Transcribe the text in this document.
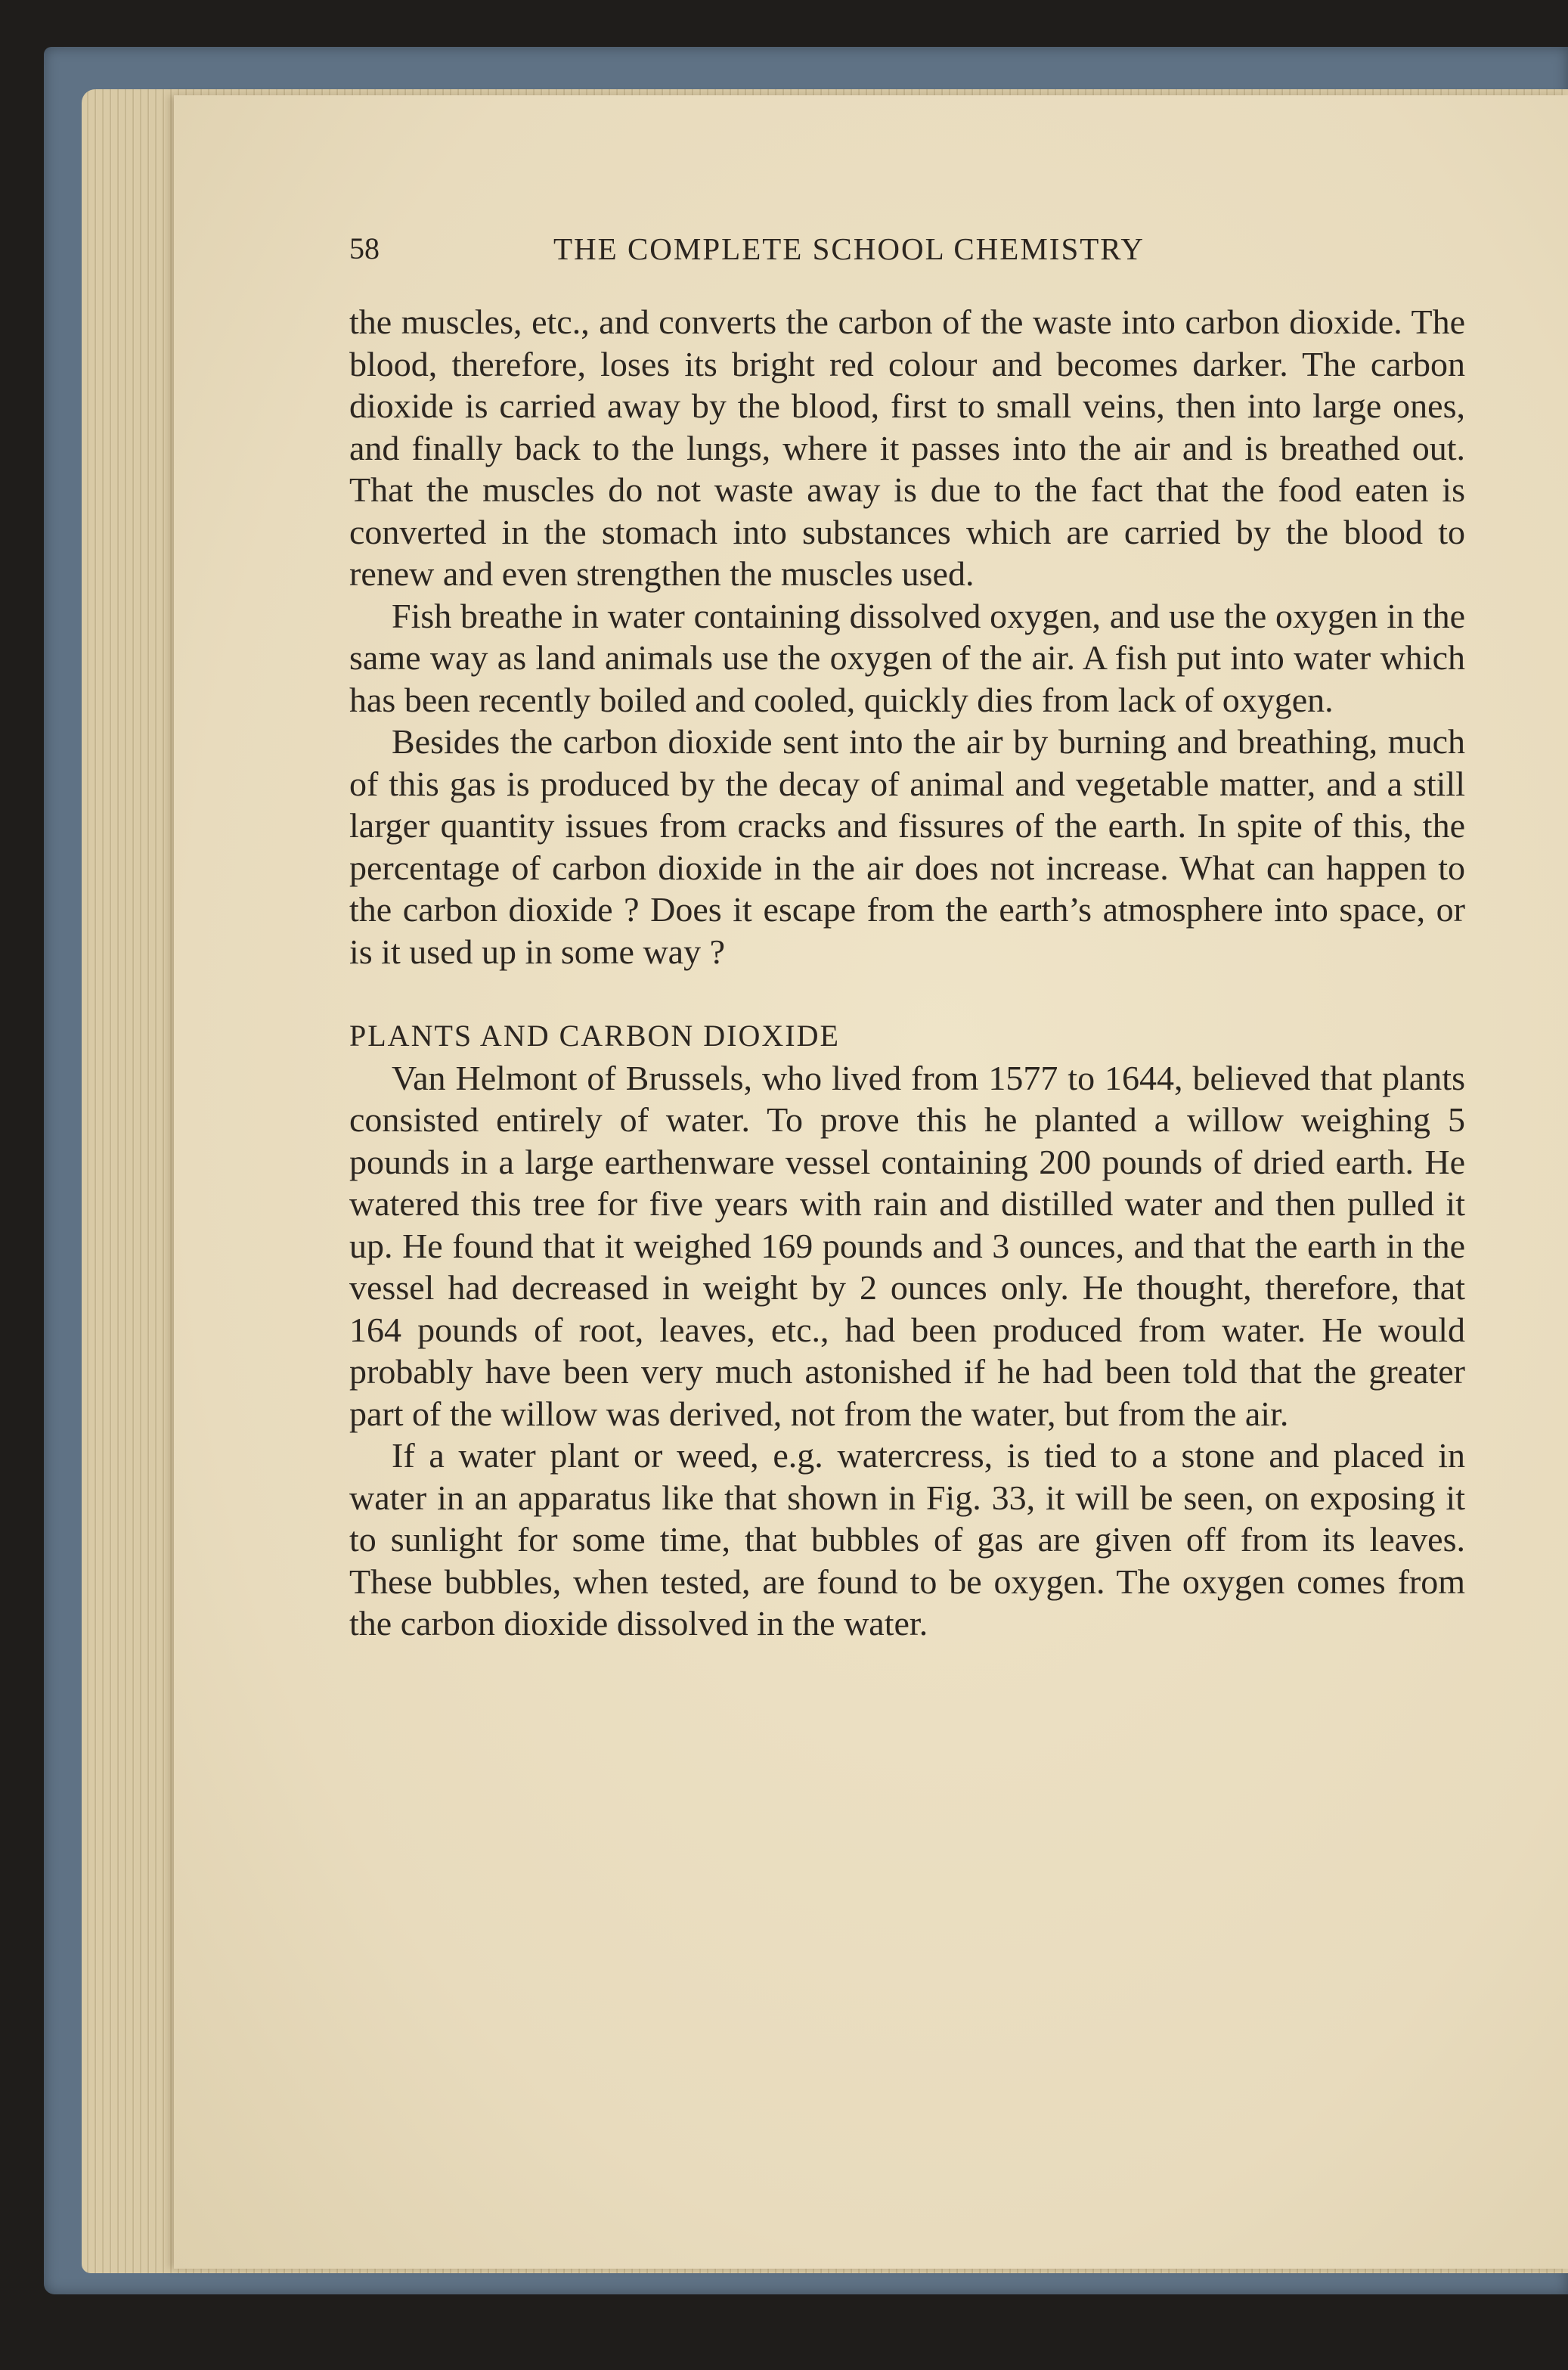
58	THE COMPLETE SCHOOL CHEMISTRY

the muscles, etc., and converts the carbon of the waste into carbon dioxide. The blood, therefore, loses its bright red colour and becomes darker. The carbon dioxide is carried away by the blood, first to small veins, then into large ones, and finally back to the lungs, where it passes into the air and is breathed out. That the muscles do not waste away is due to the fact that the food eaten is converted in the stomach into substances which are carried by the blood to renew and even strengthen the muscles used.

Fish breathe in water containing dissolved oxygen, and use the oxygen in the same way as land animals use the oxygen of the air. A fish put into water which has been recently boiled and cooled, quickly dies from lack of oxygen.

Besides the carbon dioxide sent into the air by burning and breathing, much of this gas is produced by the decay of animal and vegetable matter, and a still larger quantity issues from cracks and fissures of the earth. In spite of this, the percentage of carbon dioxide in the air does not increase. What can happen to the carbon dioxide ? Does it escape from the earth’s atmosphere into space, or is it used up in some way ?

PLANTS AND CARBON DIOXIDE

Van Helmont of Brussels, who lived from 1577 to 1644, believed that plants consisted entirely of water. To prove this he planted a willow weighing 5 pounds in a large earthenware vessel containing 200 pounds of dried earth. He watered this tree for five years with rain and distilled water and then pulled it up. He found that it weighed 169 pounds and 3 ounces, and that the earth in the vessel had decreased in weight by 2 ounces only. He thought, therefore, that 164 pounds of root, leaves, etc., had been produced from water. He would probably have been very much astonished if he had been told that the greater part of the willow was derived, not from the water, but from the air.

If a water plant or weed, e.g. watercress, is tied to a stone and placed in water in an apparatus like that shown in Fig. 33, it will be seen, on exposing it to sunlight for some time, that bubbles of gas are given off from its leaves. These bubbles, when tested, are found to be oxygen. The oxygen comes from the carbon dioxide dissolved in the water.
